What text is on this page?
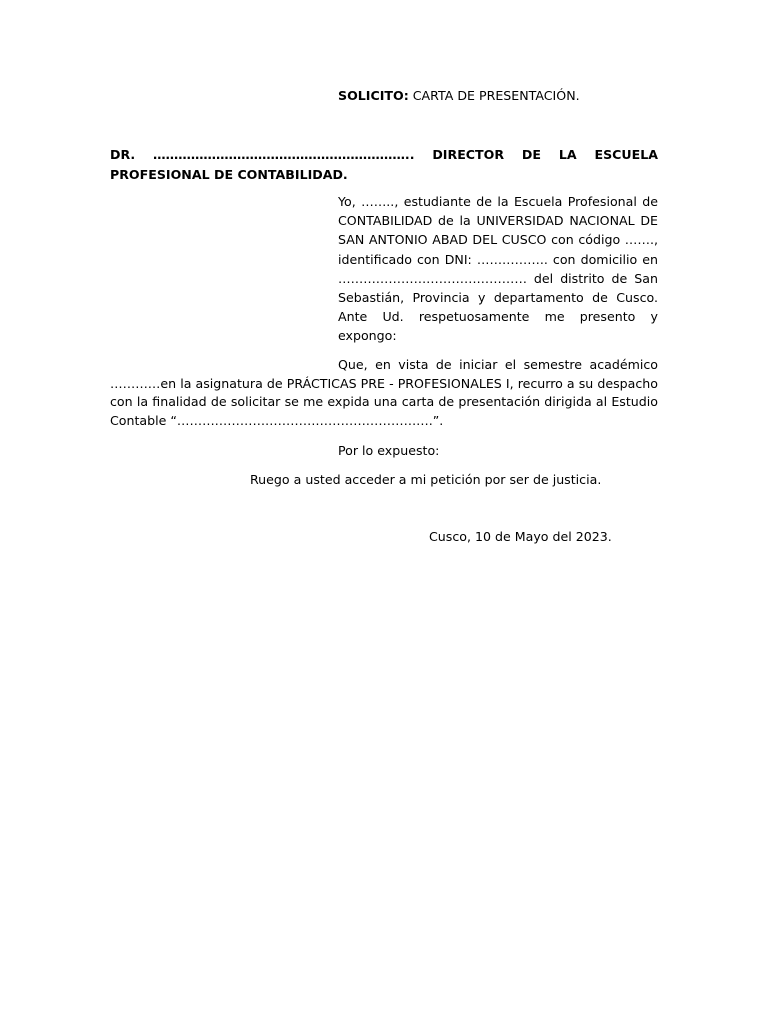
SOLICITO: CARTA DE PRESENTACIÓN.
DR. …………………………………………………….. DIRECTOR DE LA ESCUELA PROFESIONAL DE CONTABILIDAD.
Yo, …….., estudiante de la Escuela Profesional de CONTABILIDAD de la UNIVERSIDAD NACIONAL DE SAN ANTONIO ABAD DEL CUSCO con código ……., identificado con DNI: …………….. con domicilio en ……………………………………… del distrito de San Sebastián, Provincia y departamento de Cusco. Ante Ud. respetuosamente me presento y expongo:
Que, en vista de iniciar el semestre académico …………en la asignatura de PRÁCTICAS PRE - PROFESIONALES I, recurro a su despacho con la finalidad de solicitar se me expida una carta de presentación dirigida al Estudio Contable “…………………………………………………….”.
Por lo expuesto:
Ruego a usted acceder a mi petición por ser de justicia.
Cusco, 10 de Mayo del 2023.
